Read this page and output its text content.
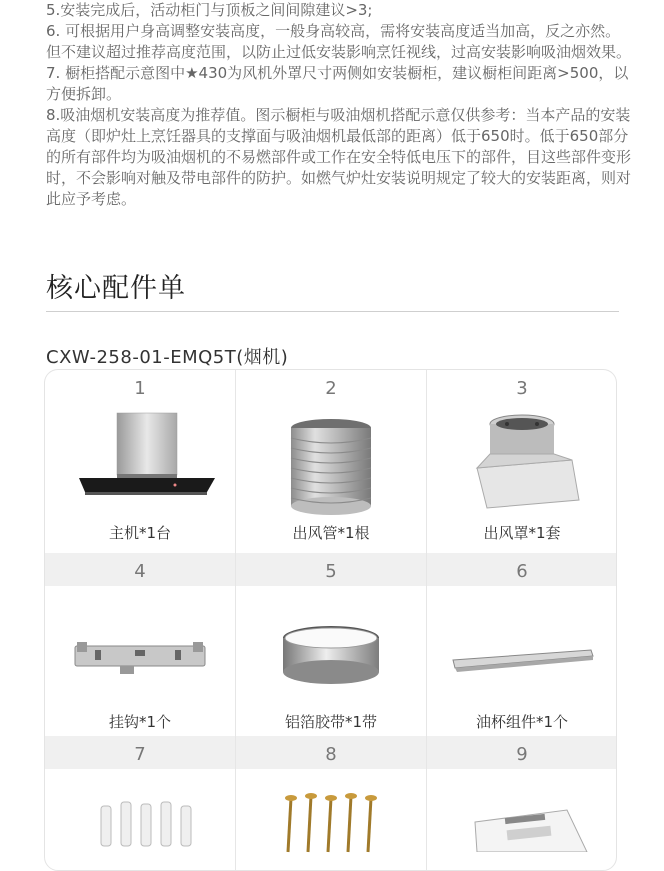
5.安装完成后，活动柜门与顶板之间间隙建议>3;

6. 可根据用户身高调整安装高度，一般身高较高，需将安装高度适当加高，反之亦然。但不建议超过推荐高度范围，以防止过低安装影响烹饪视线，过高安装影响吸油烟效果。

7. 橱柜搭配示意图中★430为风机外罩尺寸两侧如安装橱柜，建议橱柜间距离>500，以方便拆卸。

8.吸油烟机安装高度为推荐值。图示橱柜与吸油烟机搭配示意仅供参考：当本产品的安装高度（即炉灶上烹饪器具的支撑面与吸油烟机最低部的距离）低于650时。低于650部分的所有部件均为吸油烟机的不易燃部件或工作在安全特低电压下的部件，目这些部件变形时，不会影响对触及带电部件的防护。如燃气炉灶安装说明规定了较大的安装距离，则对此应予考虑。

核心配件单
CXW-258-01-EMQ5T(烟机)
1
主机*1台
2
出风管*1根
3
出风罩*1套
4
挂钩*1个
5
铝箔胶带*1带
6
油杯组件*1个
7	8	9
